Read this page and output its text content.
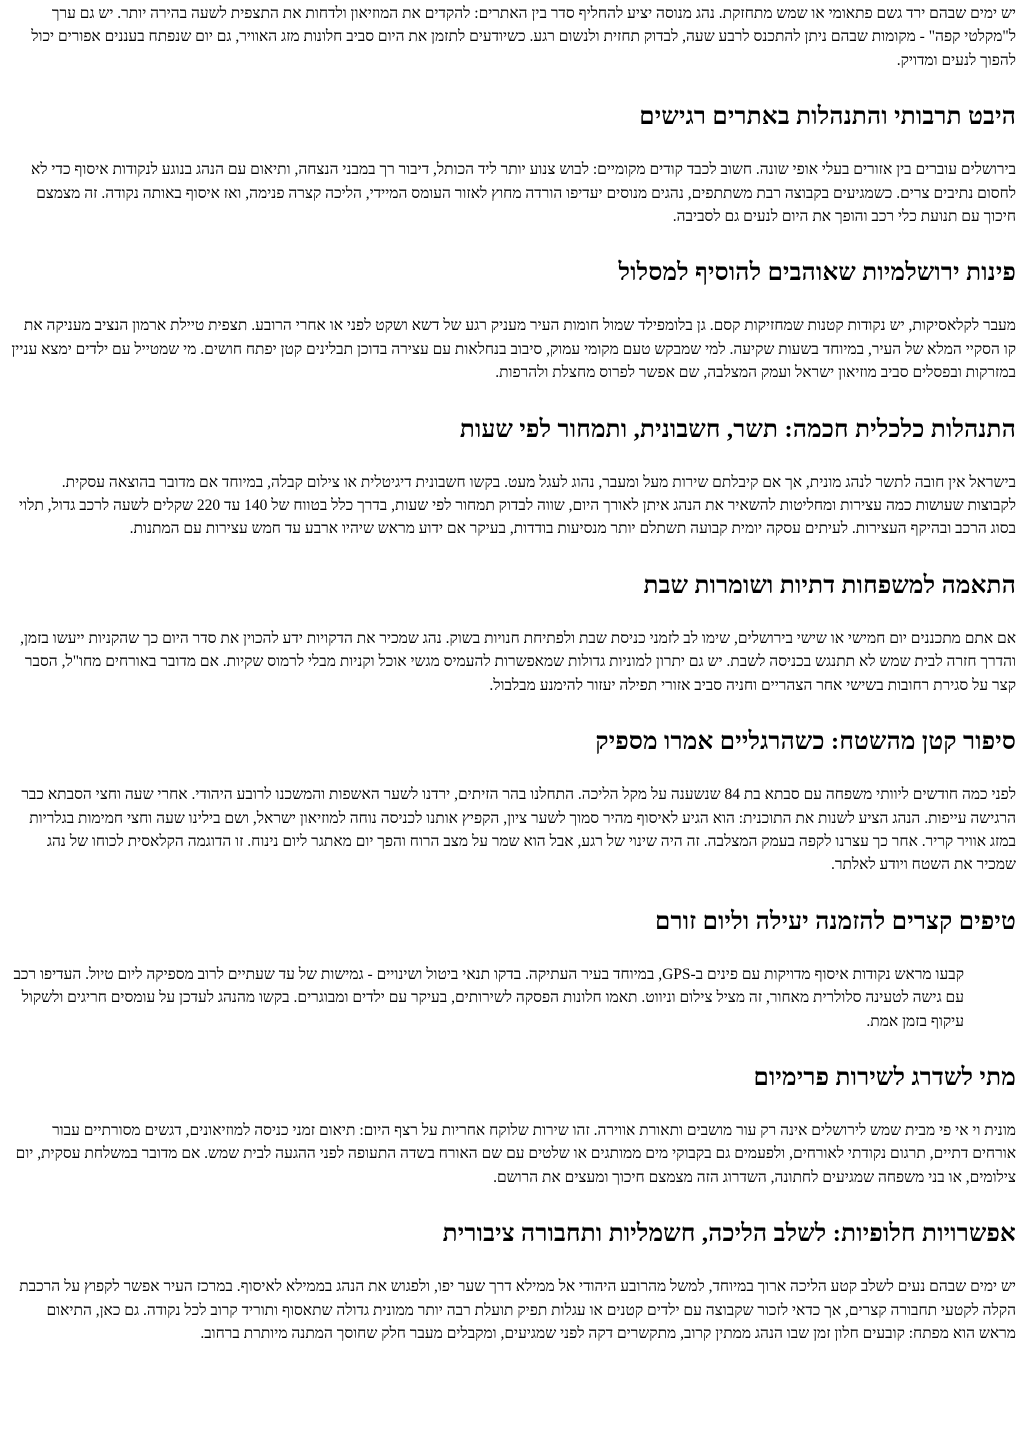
יש ימים שבהם ירד גשם פתאומי או שמש מתחזקת. נהג מנוסה יציע להחליף סדר בין האתרים: להקדים את המוזיאון ולדחות את התצפית לשעה בהירה יותר. יש גם ערך ל"מקלטי קפה" - מקומות שבהם ניתן להתכנס לרבע שעה, לבדוק תחזית ולנשום רגע. כשיודעים לתזמן את היום סביב חלונות מזג האוויר, גם יום שנפתח בעננים אפורים יכול להפוך לנעים ומדויק.

היבט תרבותי והתנהלות באתרים רגישים

בירושלים עוברים בין אזורים בעלי אופי שונה. חשוב לכבד קודים מקומיים: לבוש צנוע יותר ליד הכותל, דיבור רך במבני הנצחה, ותיאום עם הנהג בנוגע לנקודות איסוף כדי לא לחסום נתיבים צרים. כשמגיעים בקבוצה רבת משתתפים, נהגים מנוסים יעדיפו הורדה מחוץ לאזור העומס המיידי, הליכה קצרה פנימה, ואז איסוף באותה נקודה. זה מצמצם חיכוך עם תנועת כלי רכב והופך את היום לנעים גם לסביבה.

פינות ירושלמיות שאוהבים להוסיף למסלול

מעבר לקלאסיקות, יש נקודות קטנות שמחזיקות קסם. גן בלומפילד שמול חומות העיר מעניק רגע של דשא ושקט לפני או אחרי הרובע. תצפית טיילת ארמון הנציב מעניקה את קו הסקיי המלא של העיר, במיוחד בשעות שקיעה. למי שמבקש טעם מקומי עמוק, סיבוב בנחלאות עם עצירה בדוכן תבלינים קטן יפתח חושים. מי שמטייל עם ילדים ימצא עניין במזרקות ובפסלים סביב מוזיאון ישראל ועמק המצלבה, שם אפשר לפרוס מחצלת ולהרפות.

התנהלות כלכלית חכמה: תשר, חשבונית, ותמחור לפי שעות

בישראל אין חובה לתשר לנהג מונית, אך אם קיבלתם שירות מעל ומעבר, נהוג לעגל מעט. בקשו חשבונית דיגיטלית או צילום קבלה, במיוחד אם מדובר בהוצאה עסקית. לקבוצות שעושות כמה עצירות ומחליטות להשאיר את הנהג איתן לאורך היום, שווה לבדוק תמחור לפי שעות, בדרך כלל בטווח של 140 עד 220 שקלים לשעה לרכב גדול, תלוי בסוג הרכב ובהיקף העצירות. לעיתים עסקה יומית קבועה תשתלם יותר מנסיעות בודדות, בעיקר אם ידוע מראש שיהיו ארבע עד חמש עצירות עם המתנות.

התאמה למשפחות דתיות ושומרות שבת

אם אתם מתכננים יום חמישי או שישי בירושלים, שימו לב לזמני כניסת שבת ולפתיחת חנויות בשוק. נהג שמכיר את הדקויות ידע להכוין את סדר היום כך שהקניות ייעשו בזמן, והדרך חזרה לבית שמש לא תתנגש בכניסה לשבת. יש גם יתרון למוניות גדולות שמאפשרות להעמיס מגשי אוכל וקניות מבלי לרמוס שקיות. אם מדובר באורחים מחו"ל, הסבר קצר על סגירת רחובות בשישי אחר הצהריים וחניה סביב אזורי תפילה יעזור להימנע מבלבול.

סיפור קטן מהשטח: כשהרגליים אמרו מספיק

לפני כמה חודשים ליוותי משפחה עם סבתא בת 84 שנשענה על מקל הליכה. התחלנו בהר הזיתים, ירדנו לשער האשפות והמשכנו לרובע היהודי. אחרי שעה וחצי הסבתא כבר הרגישה עייפות. הנהג הציע לשנות את התוכנית: הוא הגיע לאיסוף מהיר סמוך לשער ציון, הקפיץ אותנו לכניסה נוחה למוזיאון ישראל, ושם בילינו שעה וחצי חמימות בגלריות במזג אוויר קריר. אחר כך עצרנו לקפה בעמק המצלבה. זה היה שינוי של רגע, אבל הוא שמר על מצב הרוח והפך יום מאתגר ליום נינוח. זו הדוגמה הקלאסית לכוחו של נהג שמכיר את השטח ויודע לאלתר.

טיפים קצרים להזמנה יעילה וליום זורם

קבעו מראש נקודות איסוף מדויקות עם פינים ב-GPS, במיוחד בעיר העתיקה. בדקו תנאי ביטול ושינויים - גמישות של עד שעתיים לרוב מספיקה ליום טיול. העדיפו רכב עם גישה לטעינה סלולרית מאחור, זה מציל צילום וניווט. תאמו חלונות הפסקה לשירותים, בעיקר עם ילדים ומבוגרים. בקשו מהנהג לעדכן על עומסים חריגים ולשקול עיקוף בזמן אמת.

מתי לשדרג לשירות פרימיום

מונית וי אי פי מבית שמש לירושלים אינה רק עור מושבים ותאורת אווירה. זהו שירות שלוקח אחריות על רצף היום: תיאום זמני כניסה למוזיאונים, דגשים מסורתיים עבור אורחים דתיים, תרגום נקודתי לאורחים, ולפעמים גם בקבוקי מים ממותגים או שלטים עם שם האורח בשדה התעופה לפני ההגעה לבית שמש. אם מדובר במשלחת עסקית, יום צילומים, או בני משפחה שמגיעים לחתונה, השדרוג הזה מצמצם חיכוך ומעצים את הרושם.

אפשרויות חלופיות: לשלב הליכה, חשמליות ותחבורה ציבורית

יש ימים שבהם נעים לשלב קטע הליכה ארוך במיוחד, למשל מהרובע היהודי אל ממילא דרך שער יפו, ולפגוש את הנהג בממילא לאיסוף. במרכז העיר אפשר לקפוץ על הרכבת הקלה לקטעי תחבורה קצרים, אך כדאי לזכור שקבוצה עם ילדים קטנים או עגלות תפיק תועלת רבה יותר ממונית גדולה שתאסוף ותוריד קרוב לכל נקודה. גם כאן, התיאום מראש הוא מפתח: קובעים חלון זמן שבו הנהג ממתין קרוב, מתקשרים דקה לפני שמגיעים, ומקבלים מעבר חלק שחוסך המתנה מיותרת ברחוב.
